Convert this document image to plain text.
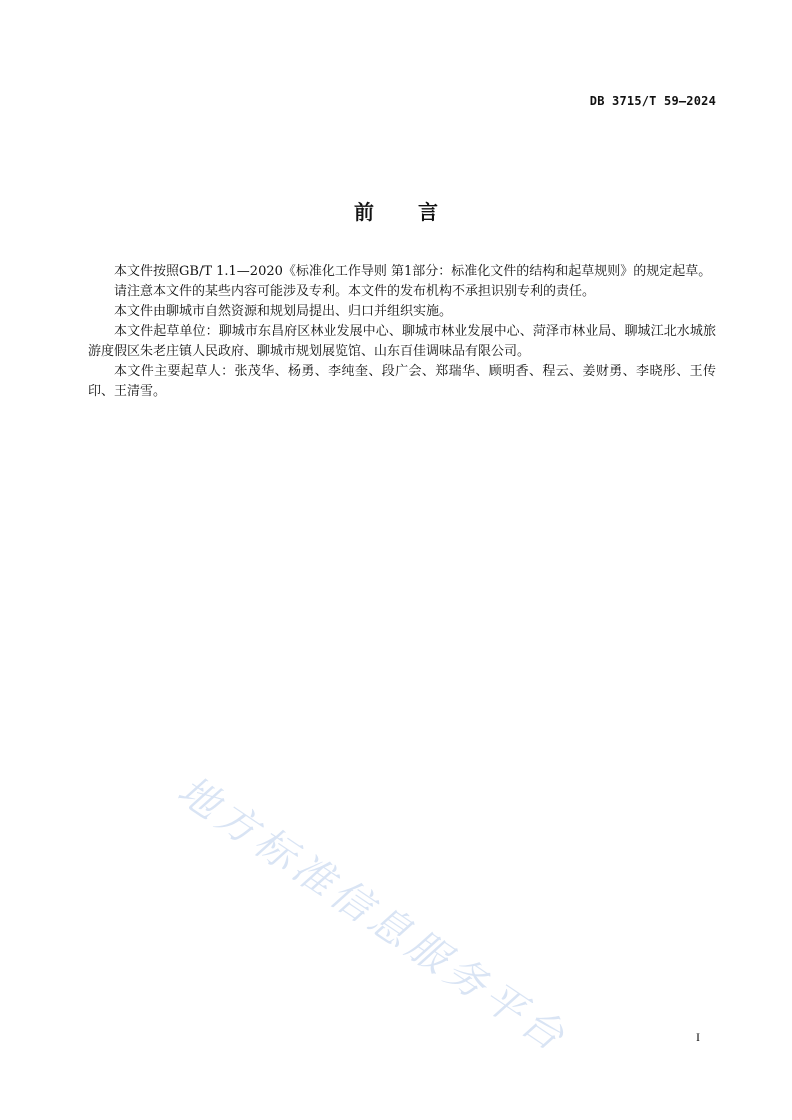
DB 3715/T 59—2024
前 言

本文件按照GB/T 1.1—2020《标准化工作导则 第1部分：标准化文件的结构和起草规则》的规定起草。

请注意本文件的某些内容可能涉及专利。本文件的发布机构不承担识别专利的责任。

本文件由聊城市自然资源和规划局提出、归口并组织实施。

本文件起草单位：聊城市东昌府区林业发展中心、聊城市林业发展中心、菏泽市林业局、聊城江北水城旅游度假区朱老庄镇人民政府、聊城市规划展览馆、山东百佳调味品有限公司。

本文件主要起草人：张茂华、杨勇、李纯奎、段广会、郑瑞华、顾明香、程云、姜财勇、李晓彤、王传印、王清雪。

地方标准信息服务平台	I
